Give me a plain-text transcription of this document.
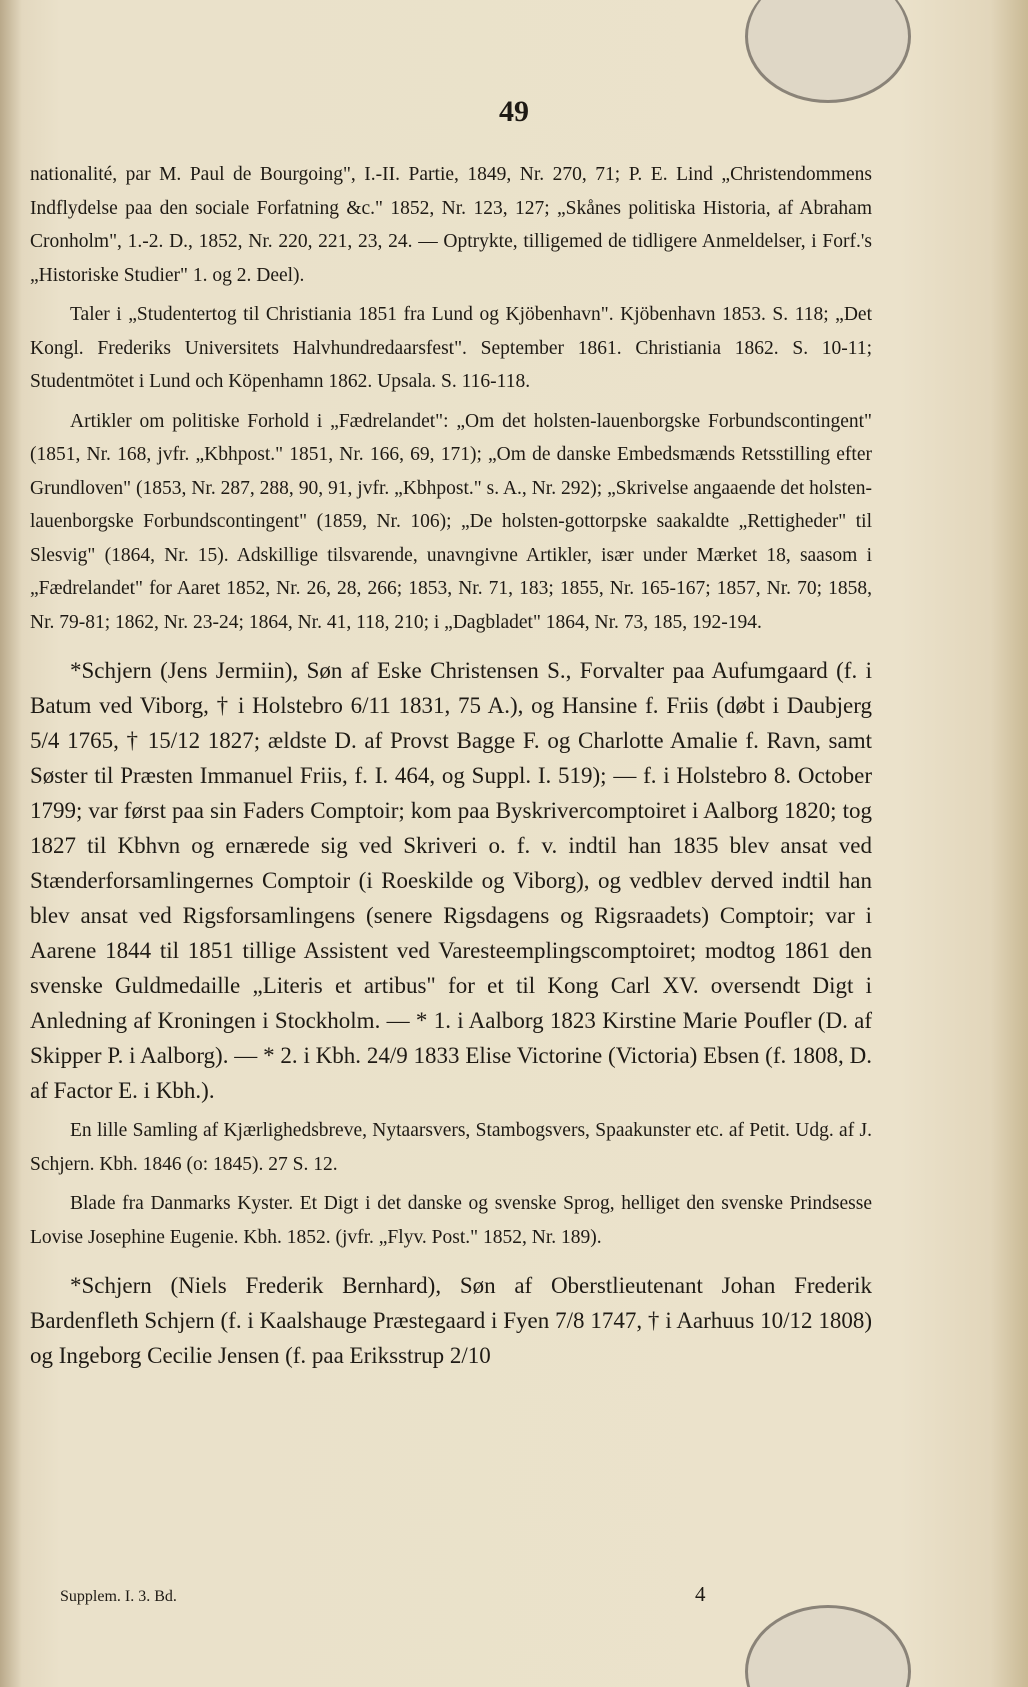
49

nationalité, par M. Paul de Bourgoing", I.-II. Partie, 1849, Nr. 270, 71; P. E. Lind „Christendommens Indflydelse paa den sociale Forfatning &c." 1852, Nr. 123, 127; „Skånes politiska Historia, af Abraham Cronholm", 1.-2. D., 1852, Nr. 220, 221, 23, 24. — Optrykte, tilligemed de tidligere Anmeldelser, i Forf.'s „Historiske Studier" 1. og 2. Deel).

Taler i „Studentertog til Christiania 1851 fra Lund og Kjöbenhavn". Kjöbenhavn 1853. S. 118; „Det Kongl. Frederiks Universitets Halvhundredaarsfest". September 1861. Christiania 1862. S. 10-11; Studentmötet i Lund och Köpenhamn 1862. Upsala. S. 116-118.

Artikler om politiske Forhold i „Fædrelandet": „Om det holsten-lauenborgske Forbundscontingent" (1851, Nr. 168, jvfr. „Kbhpost." 1851, Nr. 166, 69, 171); „Om de danske Embedsmænds Retsstilling efter Grundloven" (1853, Nr. 287, 288, 90, 91, jvfr. „Kbhpost." s. A., Nr. 292); „Skrivelse angaaende det holsten-lauenborgske Forbundscontingent" (1859, Nr. 106); „De holsten-gottorpske saakaldte „Rettigheder" til Slesvig" (1864, Nr. 15). Adskillige tilsvarende, unavngivne Artikler, især under Mærket 18, saasom i „Fædrelandet" for Aaret 1852, Nr. 26, 28, 266; 1853, Nr. 71, 183; 1855, Nr. 165-167; 1857, Nr. 70; 1858, Nr. 79-81; 1862, Nr. 23-24; 1864, Nr. 41, 118, 210; i „Dagbladet" 1864, Nr. 73, 185, 192-194.

*Schjern (Jens Jermiin), Søn af Eske Christensen S., Forvalter paa Aufumgaard (f. i Batum ved Viborg, † i Holstebro 6/11 1831, 75 A.), og Hansine f. Friis (døbt i Daubjerg 5/4 1765, † 15/12 1827; ældste D. af Provst Bagge F. og Charlotte Amalie f. Ravn, samt Søster til Præsten Immanuel Friis, f. I. 464, og Suppl. I. 519); — f. i Holstebro 8. October 1799; var først paa sin Faders Comptoir; kom paa Byskrivercomptoiret i Aalborg 1820; tog 1827 til Kbhvn og ernærede sig ved Skriveri o. f. v. indtil han 1835 blev ansat ved Stænderforsamlingernes Comptoir (i Roeskilde og Viborg), og vedblev derved indtil han blev ansat ved Rigsforsamlingens (senere Rigsdagens og Rigsraadets) Comptoir; var i Aarene 1844 til 1851 tillige Assistent ved Varesteemplingscomptoiret; modtog 1861 den svenske Guldmedaille „Literis et artibus" for et til Kong Carl XV. oversendt Digt i Anledning af Kroningen i Stockholm. — * 1. i Aalborg 1823 Kirstine Marie Poufler (D. af Skipper P. i Aalborg). — * 2. i Kbh. 24/9 1833 Elise Victorine (Victoria) Ebsen (f. 1808, D. af Factor E. i Kbh.).

En lille Samling af Kjærlighedsbreve, Nytaarsvers, Stambogsvers, Spaakunster etc. af Petit. Udg. af J. Schjern. Kbh. 1846 (o: 1845). 27 S. 12.

Blade fra Danmarks Kyster. Et Digt i det danske og svenske Sprog, helliget den svenske Prindsesse Lovise Josephine Eugenie. Kbh. 1852. (jvfr. „Flyv. Post." 1852, Nr. 189).

*Schjern (Niels Frederik Bernhard), Søn af Oberstlieutenant Johan Frederik Bardenfleth Schjern (f. i Kaalshauge Præstegaard i Fyen 7/8 1747, † i Aarhuus 10/12 1808) og Ingeborg Cecilie Jensen (f. paa Eriksstrup 2/10

Supplem. I. 3. Bd.	4
